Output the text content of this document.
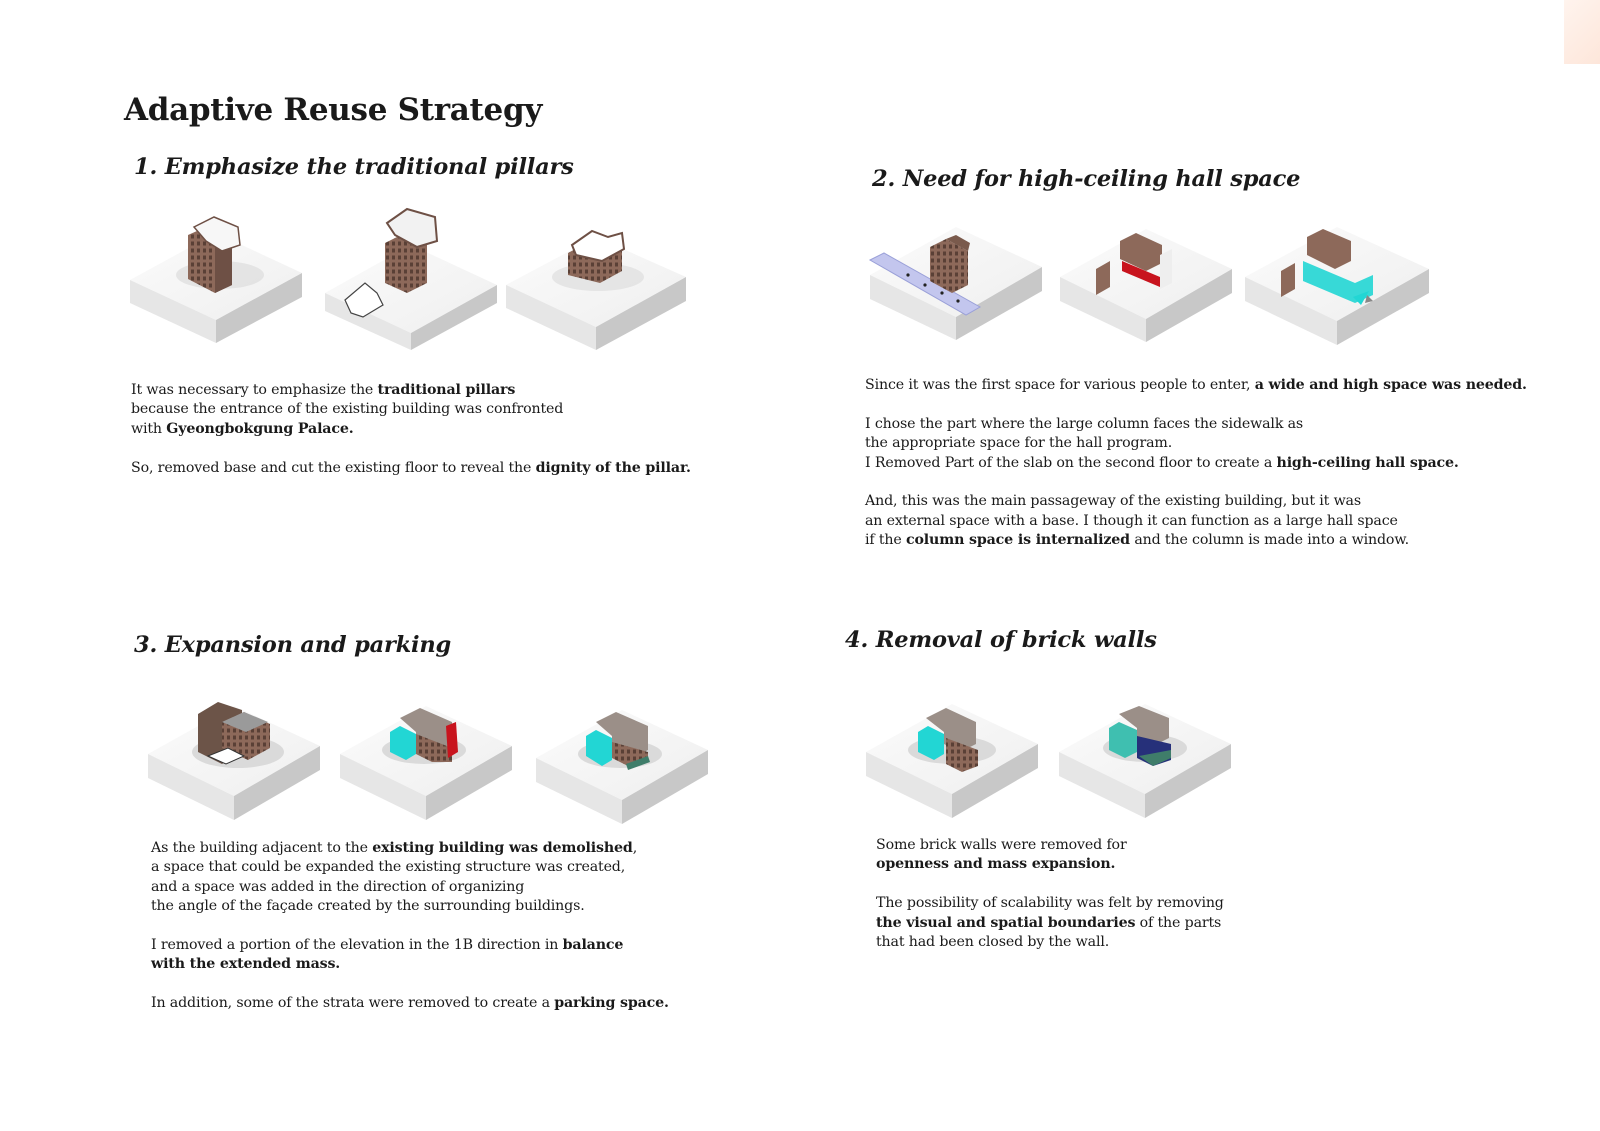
Adaptive Reuse Strategy
1. Emphasize the traditional pillars

It was necessary to emphasize the traditional pillars
because the entrance of the existing building was confronted
with Gyeongbokgung Palace.

So, removed base and cut the existing floor to reveal the dignity of the pillar.

2. Need for high-ceiling hall space

Since it was the first space for various people to enter, a wide and high space was needed.

I chose the part where the large column faces the sidewalk as
the appropriate space for the hall program.
I Removed Part of the slab on the second floor to create a high-ceiling hall space.

And, this was the main passageway of the existing building, but it was
an external space with a base. I though it can function as a large hall space
if the column space is internalized and the column is made into a window.

3. Expansion and parking

As the building adjacent to the existing building was demolished,
a space that could be expanded the existing structure was created,
and a space was added in the direction of organizing
the angle of the façade created by the surrounding buildings.

I removed a portion of the elevation in the 1B direction in balance
with the extended mass.

In addition, some of the strata were removed to create a parking space.

4. Removal of brick walls

Some brick walls were removed for
openness and mass expansion.

The possibility of scalability was felt by removing
the visual and spatial boundaries of the parts
that had been closed by the wall.
